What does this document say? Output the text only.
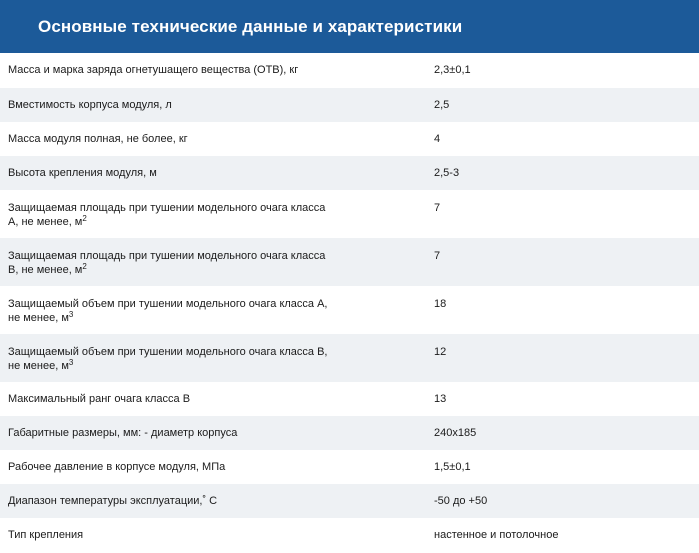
Основные технические данные и характеристики
Масса и марка заряда огнетушащего вещества (ОТВ), кг	2,3±0,1
Вместимость корпуса модуля, л	2,5
Масса модуля полная, не более, кг	4
Высота крепления модуля, м	2,5-3
Защищаемая площадь при тушении модельного очага класса
А, не менее, $м^2$	7
Защищаемая площадь при тушении модельного очага класса
В, не менее, $м^2$	7
Защищаемый объем при тушении модельного очага класса А,
не менее, $м^3$	18
Защищаемый объем при тушении модельного очага класса В,
не менее, $м^3$	12
Максимальный ранг очага класса В	13
Габаритные размеры, мм: - диаметр корпуса	240х185
Рабочее давление в корпусе модуля, МПа	1,5±0,1
Диапазон температуры эксплуатации,˚ С	-50 до +50
Тип крепления	настенное и потолочное
